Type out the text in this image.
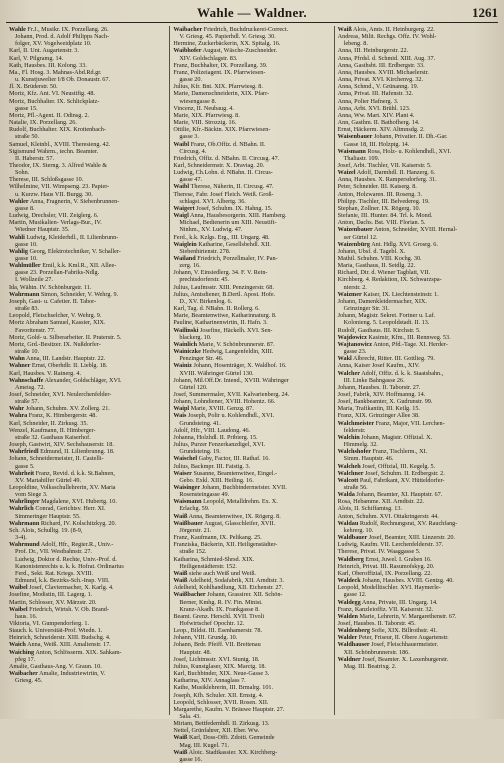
Wahle — Waldner.	1261
Wahle Fr.J., Musikr. IX. Porzellang. 26.
Johann, Prod. d. Adolf Philipps Nach-
folger, XV. Vogelweidplatz 10.
Karl, II. Unt. Augartenstr. 3.
Karl, V. Pilgramg. 14.
Kath, Hausbes. III. Kolong. 33.
Ma., Fl. Hosg. 3. Mahnas-Abd.Rd.gr.
u. Kunstjuwelier I/8 Ob. Donaustr. 67.
Jl. X. Brüderstr. 50.
Moriz, Kfz. Ant. VI. Neustiftg. 48.
Moriz, Buchhalter. IX. Schlickplatz-
gasse 15.
Moriz, Pfl.-Agent. II. Odinsg. 2.
Natalie, IX. Porzellang. 26.
Rudolf, Buchhalter. XIX. Krottenbach-
straße 50.
Samuel, Kleinbl., XVIII. Theresieng. 42.
Sigismund Wahrm., techn. Beamter.
II. Haberstr. 57.
Theodor, IX. Sterng. 3. Alfred Wahle &
Sohn.
Therese, III. Schloßsgasse 10.
Wilhelmine, VII. Wimpseng. 23. Papier-
u. Kurzw. Haus VII. Burgg. 30.
Wahler Anna, Fragnerin, V. Siebenbrunnen-
gasse 8.
Ludwig, Drechsler, VII. Zeiglerg. 6.
Martin, Musikalien- Verlags-Bur., IV.
Wiedner Hauptstr. 35.
Wahli Ludwig, Kleiderhdl., II. Lilienbrunn-
gasse 10.
Wahlig Georg, Elektrotechniker, V. Schaller-
gasse 10.
Wahlmüller Emil, k.k. Kml.R., XII. Allee-
gasse 23. Porzellan-Fabriks-Ndlg.
I. Wollzeile 27.
Ida, Wähtn. IV. Schönburgstr. 11.
Wahrmann Simon, Schneider, V. Wehrg. 9.
Joseph, Gast- u. Cafetier. II. Tabor-
straße 83.
Leopold, Fleischselcher, V. Wehrg. 9.
Moriz Abraham Samuel, Kassier, XIX.
Favoritenstr. 77.
Moriz, Gold- u. Silberarbeiter. II. Praterstr. 5.
Moriz, Grd.-Besitzer. IX. Nußdorfer-
straße 10.
Wahn Anna, III. Landstr. Hauptstr. 22.
Wahner Ernst, Oberhdlr. II. Lieblg. 18.
Karl, Hausbes. V. Rainerg. 4.
Wahnschaffe Alexander, Goldschläger, XVI.
Ameisg. 72.
Josef, Schneider, XVI. Neulerchenfelder-
straße 57.
Wahr Johann, Schuhm. XV. Zollerg. 21.
Wahra Franz, K. Himbergerstr. 48.
Karl, Schneider, II. Zirkusg. 35.
Wenzel, Kaufmann, II. Himberger-
straße 32. Gasthaus Kaiserhof.
Joseph, Gastwirt, XIV. Sechshauserstr. 18.
Wahrfriedl Edmund, II. Lilienbrunng. 18.
Johann, Schneidermeister, II. Castelli-
gasse 5.
Wahrheit Franz, Revid. d. k.k. St.Bahnen,
XV. Mariahilfer Gürtel 49.
Leopoldine, Volksschullehrerin, XV. Maria
vom Siege 3.
Wahrlinger Magdalene, XVI. Hubertg. 10.
Wahrlich Conrad, Gerichtsv. Herr. XI.
Simmeringer Hauptstr. 55.
Wahrmann Richard, IV. Kolschitzkyg. 20.
Sch. Alois, Schulltg. 19. (8-9,
3-4).
Wahrmund Adolf, Hfr., Regier.R., Univ.-
Prof. Dr., VII. Westbahnstr. 27.
Ludwig, Doktor d. Rechte, Univ.-Prof. d.
Kanonistenrechts u. k. k. Hofrat. Ordinarius
Ferd., Sekt. Rat. Kriegs. XVIII.
Edmund, k.k. Bezirks-Sch.-Insp. VIII.
Waibel Josef, Claviermacher, X. Karlg. 4.
Josefine, Modistin, III. Lagerg. 1.
Martin, Schlosser, XV. Märzstr. 20.
Waibel Friedrich, Wirtsh. V. Ob. Brand-
haus. 16.
Viktoria, VI. Gumpendorferg. 1.
Stauch. k. Universität-Prof. Wiedn. 1.
Heinrich, Schneiderstr. XIII. Budschg. 4.
Waich Anna, Weiß. XIII. Amalienstr. 17.
Waiching Anton, Schlösserm. XIX. Sahkam-
pfeg 17.
Amalie, Gasthaus-Ang. V. Graun. 10.
Waibacher Amalie, Industriewirtin, V.
Griesg. 45.
Waibacher Friedrich, Buchdruckerei-Correct.
V. Griesg. 45. Papierhdl. V. Griesg. 30.
Hermine, Zuckerbäckerin, XX. Spitalg. 16.
Waibhofer August, Wäsche-Zuschneider.
XIV. Goldschlagstr. 83.
Franz, Buchhalter, IX. Porzellang. 39.
Franz, Polizeiagent. IX. Pfarrwiesen-
gasse 20.
Julius, Kfr. Bnt. XIX. Pfarrwiesg. 8.
Marie, Damenschneiderin, XIX. Pfarr-
wiesengasse 8.
Vincenz, II. Neubaug. 4.
Marie, XIX. Pfarrwiesg. 8.
Marie, VIII. Strozzig. 16.
Ottilie, Kfr.-Bäcktn. XIX. Pfarrwiesen-
gasse 3.
Waibl Franz, Ob.Offiz. d. NBahn. II.
Circusg. 4.
Friedrich, Offiz. d. NBahn. II. Circusg. 47.
Karl, Schneidermstr. X. Draviag. 20.
Ludwig, Ch.Lohn. d. NBahn. II. Circus-
gasse 47.
Waibl Therese, Näherin, II. Circusg. 47.
Therese, Fabr. Josef Fleich. Weiß. Groß-
schlagst. XVI. Albertg. 36.
Waigert Josef, Schuhm. IX. Hahng. 15.
Waigl Anna, Hausbesorgerin. XIII. Hamberg.
Michael, Bedienerin um XIII. Neustift-
Ninhm., XV. Ludwig. 47.
Ferd., k.k. Kzlgs. Erg., III. Ungarg. 48.
Waiglein Katharine, Gesellsbehdl. XII.
Siebenhirtenstr. 278.
Wailand Friedrich, Porzellmaler, IV. Pan-
zerg. 16.
Johann, V. Einsiedlerg. 34. F. V. Rein-
prechtsdorferstr. 45.
Julius, Laufmsstr. XIII. Penzingerstr. 68.
Julius, Amtsdiener, B.Dertl. Apost. Hofe.
D., XV. Birkenlog. 6.
Karl, Tag. d. NBahn. II. Rollerg. 6.
Marie, Beamtenwitwe, Katharinnaturg. 8.
Pauline, Katharinenwirtin, II. Hafn. 3.
Wailinski Josefine, Häckelh. XVI. Sen-
blackerg. 10.
Wainlich Marie, V. Schönbrunnerstr. 87.
Wainiczke Hedwig, Langenfeldin, XIII.
Penzinger Str. 46.
Wainiz Johann, Hosenträger, X. Waldhof. 16.
XVIII. Währinger Gürtel 130.
Johann, Mil.Off.Dr. Intend., XVIII. Währinger
Gürtel 120.
Josef, Summermaler, XVII. Kalvarienberg. 24.
Johann, Lohndiener, XVIII. Hohentz. 66.
Waipl Marie, XVIII. Genzg. 87.
Wais Joseph, Polir u. Kohlendhdl., XVI.
Grundsteing. 41.
Adolf, Hfr., VIII. Laudong. 46.
Johanna, Holzhdl. II. Pribierg. 15.
Julius, Purzer Fenzerkanzdigel, XVI.
Grundsteing. 19.
Waischel Gaby, Factor, III. Rathaf. 16.
Julius, Backmpr. III. Faistig. 3.
Waiser Susanne, Beamtenwitwe, Eingel.-
Gebo. Exkl. XIII. Heiling. 16.
Waisinger Johann, Buchbindermeister. XVII.
Rosensteingasse 49.
Waismann Leopold, Metalldrehm. Ex. X.
Erlachg. 59.
Waiß Anna, Beamtenwitwe, IX. Rögerg. 8.
Waißbauer August, Glasschleifer, XVII.
Jörgerstr. 21.
Franz, Kaufmann, IX. Pelikang. 25.
Franziska, Bäckerin, XII. Heiligenstädter-
straße 152.
Katharina, Schmied-Shrsd. XIX.
Heiligenstädterstr. 152.
Waiß siehe auch Weiß und Weiß.
Waiß Adelheid, Sodafabrik, XII. Arndtstr. 3.
Adelheid, Kohlhandlung, XII. Eichenstr. 27.
Waißbacher Johann, Grassirer. XII. Schön-
Berner, Kmhg. R. IV. Fin. Minist.
Kranz-Akadh. IX. Frankgasse 8.
Beamt. Grenz. Herschl. XVII. Tivoli
Hofwirtschef Opochtr. 12.
Leop., Bildst. III. Esenhamerstr. 78.
Johann, VIII. Grundg. 10.
Johann, Brdr. Pfeiff. VII. Breitenau
Hauptstr. 48.
Josef, Lichtmsstr. XVI. Stuntg. 18.
Julius, Kunstglaser, XIX. Marctg. 18.
Karl, Buchbinder, XIX. Neue-Gasse 3.
Katharina, XIV. Annaglass 7.
Kathe, Musiklehrerin, III. Brmalrg. 101.
Joseph, Kfh. Schuler. XII. Ernstg. 4.
Leopold, Schlosser, XVII. Rosen. XII.
Margarethe, Kaufm. V. Bräuwe Hauptstr. 27.
Sala. 43.
Miriam, Bettfedernhdl. II. Zirkusg. 13.
Nettel, Grünfahrer, XII. Eber. Ww.
Waiß Karl, Doss-Offi. Zdoiti. Gemeinde
Mag. III. Kugel. 71.
Waiß Aloic. Stadtkassier. XX. Kirchberg-
gasse 16.
Waiß Alois, Amts. II. Heinburgerg. 22.
Andreas, Milit. Rechgs. Offz. IV. Wohl-
lebeng. 8.
Anna, III. Heinburgerstr. 22.
Anna, Pfrdsl. d. Schmid. XIII. Aug. 37.
Anna, Gasthsbt. III. Erdbergstr. 33.
Anna, Hausbes. XVIII. Michaelerstr.
Anna, Privat. XVI. Kirchenvg. 32.
Anna, Schmd., V. Grünanng. 19.
Anna, Privat. III. Hafenstr. 32.
Anna, Polier Hafnerg. 3.
Anna, Arbt. XVI. Brühl. 123.
Anna, Ww. Mart. XIV. Plant 4.
Ann, Gasthm. II. Bathofherg. 14.
Ernst, Häckerm. XIV. Altmnsdg. 2.
Waisenbauer Johann, Privatier. II. Dh.-Gar.
Gasse 18, III. Holzptg. 14.
Waismann Rosa, Holz- u. Kohlendhdl., XVI.
Thaliastr. 109.
Josef, Arbt. Tischler, VII. Kaiserstr. 5.
Waizel Adolf, Darmhdl. II. Hanzerg. 6.
Anna, Hausbes. X. Rampersdorferg. 31.
Peter, Schneider. III. Kaiserg. 8.
Anton, Holzwaren. III. Roseng. 3.
Philipp. Tischler, III. Belvedereg. 19.
Stephan, Zollner. IX. Rögerg. 10.
Stefanie, III. Hunter. 84. Trl. k. Mond.
Anton, Dachs. Bst. VIII. Florian. 5.
Waizenbauer Anton, Schneider, XVIII. Hernal-
ser Gürtel 12.
Waizenbürg Ant. Hdlg. XVI. Grosrg. 6.
Johann, Ubsf. d. Tagebl. X.
Mathil. Schuhm. VIII. Kochg. 30.
Maria, Gasthaus, II. Seidlg. 22.
Richard, Dir. d. Wiener Tagblatt, VII.
Kirchberg. 4. Redaktion, IX. Schwarzspa-
nierstr. 2.
Waizmer Kaiser, IX. Liechtensteinstr. 1.
Johann, Damenkleidermacher, XIX.
Grinzinger Str. 31.
Johann, Magistr. Sekret. Fortner u. Laf.
Kolonieng. 5. Leopoldstadt. II. 13.
Rudolf, Gasthaus. III. Kirchstr. 5.
Wajdowicz Kasimir, Kfm., III. Rennweg. 53.
Wajtanowicz Anton, Pfd.-Tage. XI. Herder-
gasse 23.
Wakl Albrecht, Ritter. III. Gottlieg. 79.
Anna, Kaiser Josef Kaufm., XIV.
Walcher Adolf, Offiz. d. k. k. Staatsbahn.,
III. Linke Bahngasse 26.
Johann, Hausbes. II. Taborstr. 27.
Josef, Fabrik, XIV. Hoffmanng. 14.
Josef, Bankbeamter, X. Gudrunstr. 99.
Maria, Trafikantin, III. Keilg. 15.
Franz, XIX. Grinzinger Allee 38.
Walchmeister Franz, Major, VII. Lerchen-
felderstr.
Walchin Johann, Magistr. Offizial. X.
Himmelg. 32.
Walchshofer Franz, Tischlerm., XI.
Simm. Hauptstr. 46.
Walcheh Josef, Offizial, III. Kegelg. 5.
Walchner Josef, Schuhm. II. Erdbergstr. 2.
Walcott Paul, Fabrikant, XV. Hütteldorfer-
straße 56.
Walda Johann, Beamter, XI. Hauptstr. 67.
Rosa, Hebamme. XII. Arndtstr. 22.
Alois, II. Schiffamtsg. 13.
Anton, Schuhm. XVI. Ottakringerstr. 44.
Waldau Rudolf, Rechnungsrat, XV. Rauchfang-
kehrerg. 10.
Waldbauer Josef, Beamter, XIII. Linzerstr. 20.
Ludwig, Kaufm. VII. Lerchenfelderstr. 37.
Therese, Privat. IV. Waaggasse 5.
Waldberg Ernst, Juwel. I. Graben 16.
Heinrich, Privat. III. Rasumofskyg. 20.
Karl, Oberoffizial, IX. Porzellang. 22.
Waldeck Johann, Hausbes. XVIII. Gentzg. 40.
Leopold, Modelltischler. XVI. Haymerle-
gasse 12.
Waldegg Anna, Private, III. Ungarg. 14.
Franz, Kanzleioffiz. VII. Kaiserstr. 32.
Walden Marie, Lehrerin, V. Margarethenstr. 67.
Josef, Hausbes. II. Taborstr. 45.
Waldenberg Sofie, XIX. Billrothstr. 41.
Walder Peter, Friseur, II. Obere Augartenstr.
Waldhauser Josef, Fleischhauermeister.
XII. Schönbrunnerstr. 186.
Waldner Josef, Beamter. X. Laxenburgerstr.
Mag. III. Beatrixg. 2.
